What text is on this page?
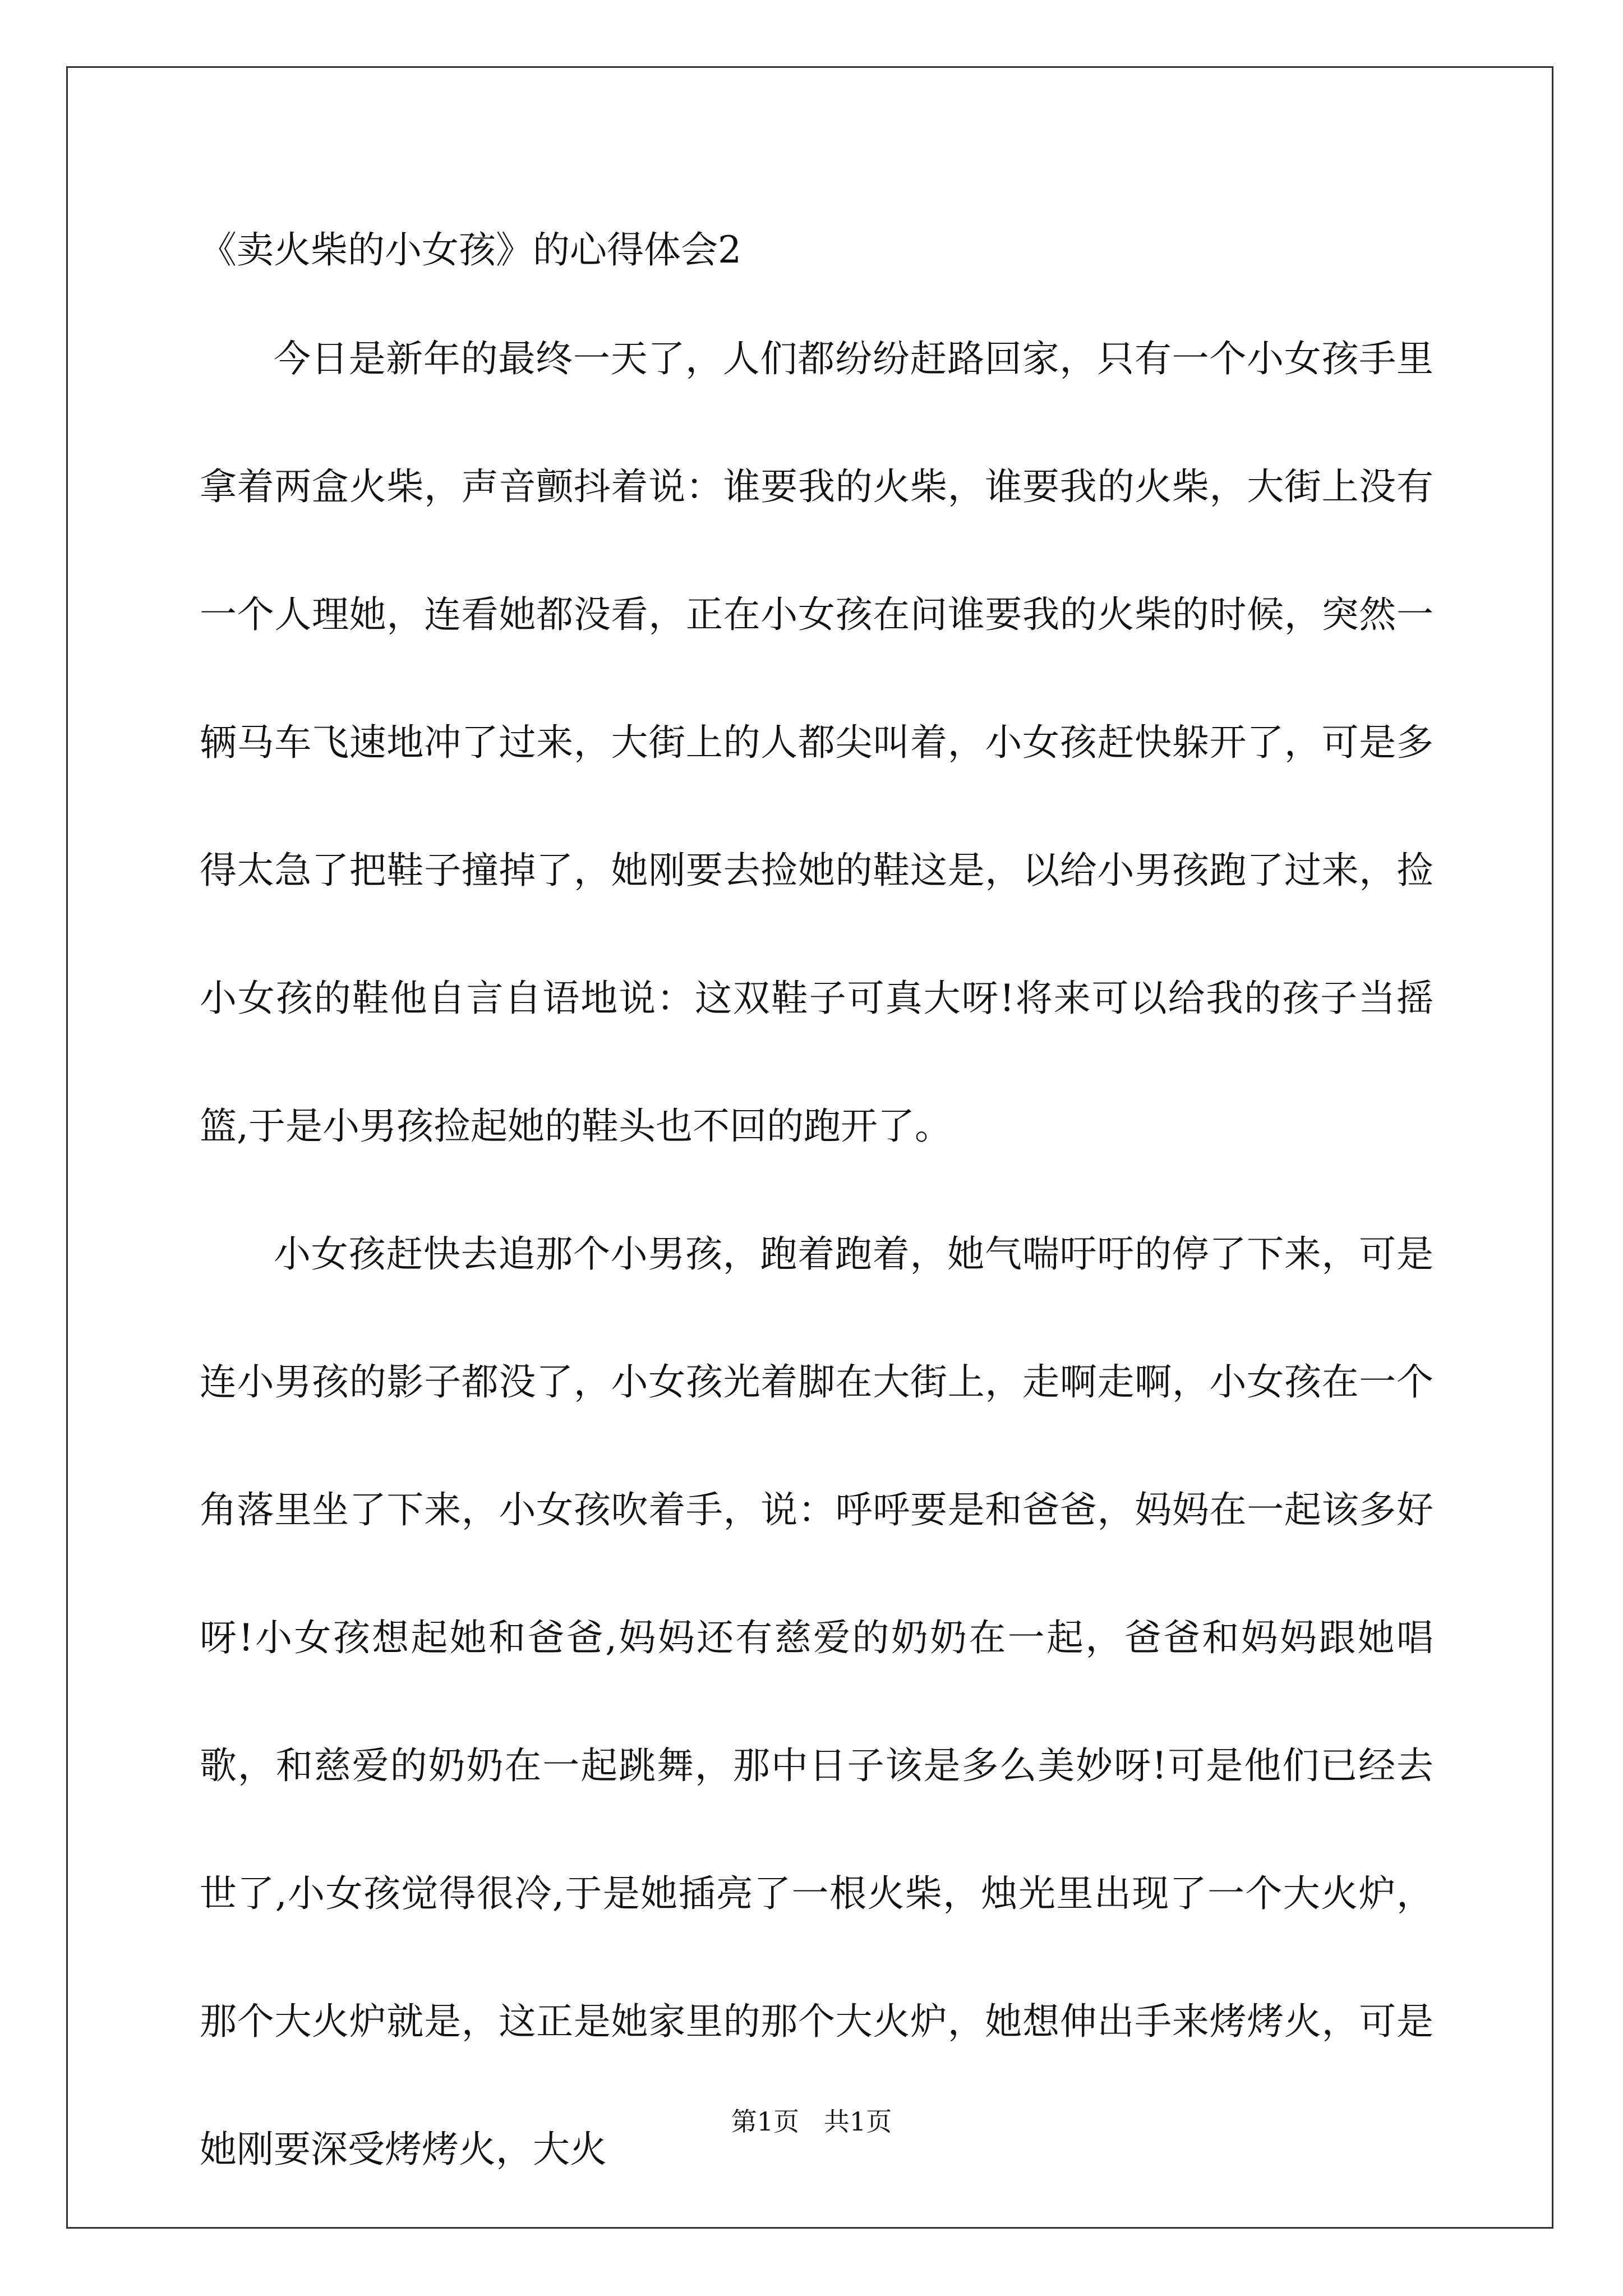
《卖火柴的小女孩》的心得体会2

今日是新年的最终一天了，人们都纷纷赶路回家，只有一个小女孩手里拿着两盒火柴，声音颤抖着说：谁要我的火柴，谁要我的火柴，大街上没有一个人理她，连看她都没看，正在小女孩在问谁要我的火柴的时候，突然一辆马车飞速地冲了过来，大街上的人都尖叫着，小女孩赶快躲开了，可是多得太急了把鞋子撞掉了，她刚要去捡她的鞋这是，以给小男孩跑了过来，捡小女孩的鞋他自言自语地说：这双鞋子可真大呀!将来可以给我的孩子当摇篮,于是小男孩捡起她的鞋头也不回的跑开了。

小女孩赶快去追那个小男孩，跑着跑着，她气喘吁吁的停了下来，可是连小男孩的影子都没了，小女孩光着脚在大街上，走啊走啊，小女孩在一个角落里坐了下来，小女孩吹着手，说：呼呼要是和爸爸，妈妈在一起该多好呀!小女孩想起她和爸爸,妈妈还有慈爱的奶奶在一起，爸爸和妈妈跟她唱歌，和慈爱的奶奶在一起跳舞，那中日子该是多么美妙呀!可是他们已经去世了,小女孩觉得很冷,于是她插亮了一根火柴，烛光里出现了一个大火炉，那个大火炉就是，这正是她家里的那个大火炉，她想伸出手来烤烤火，可是她刚要深受烤烤火，大火

第1页   共1页
